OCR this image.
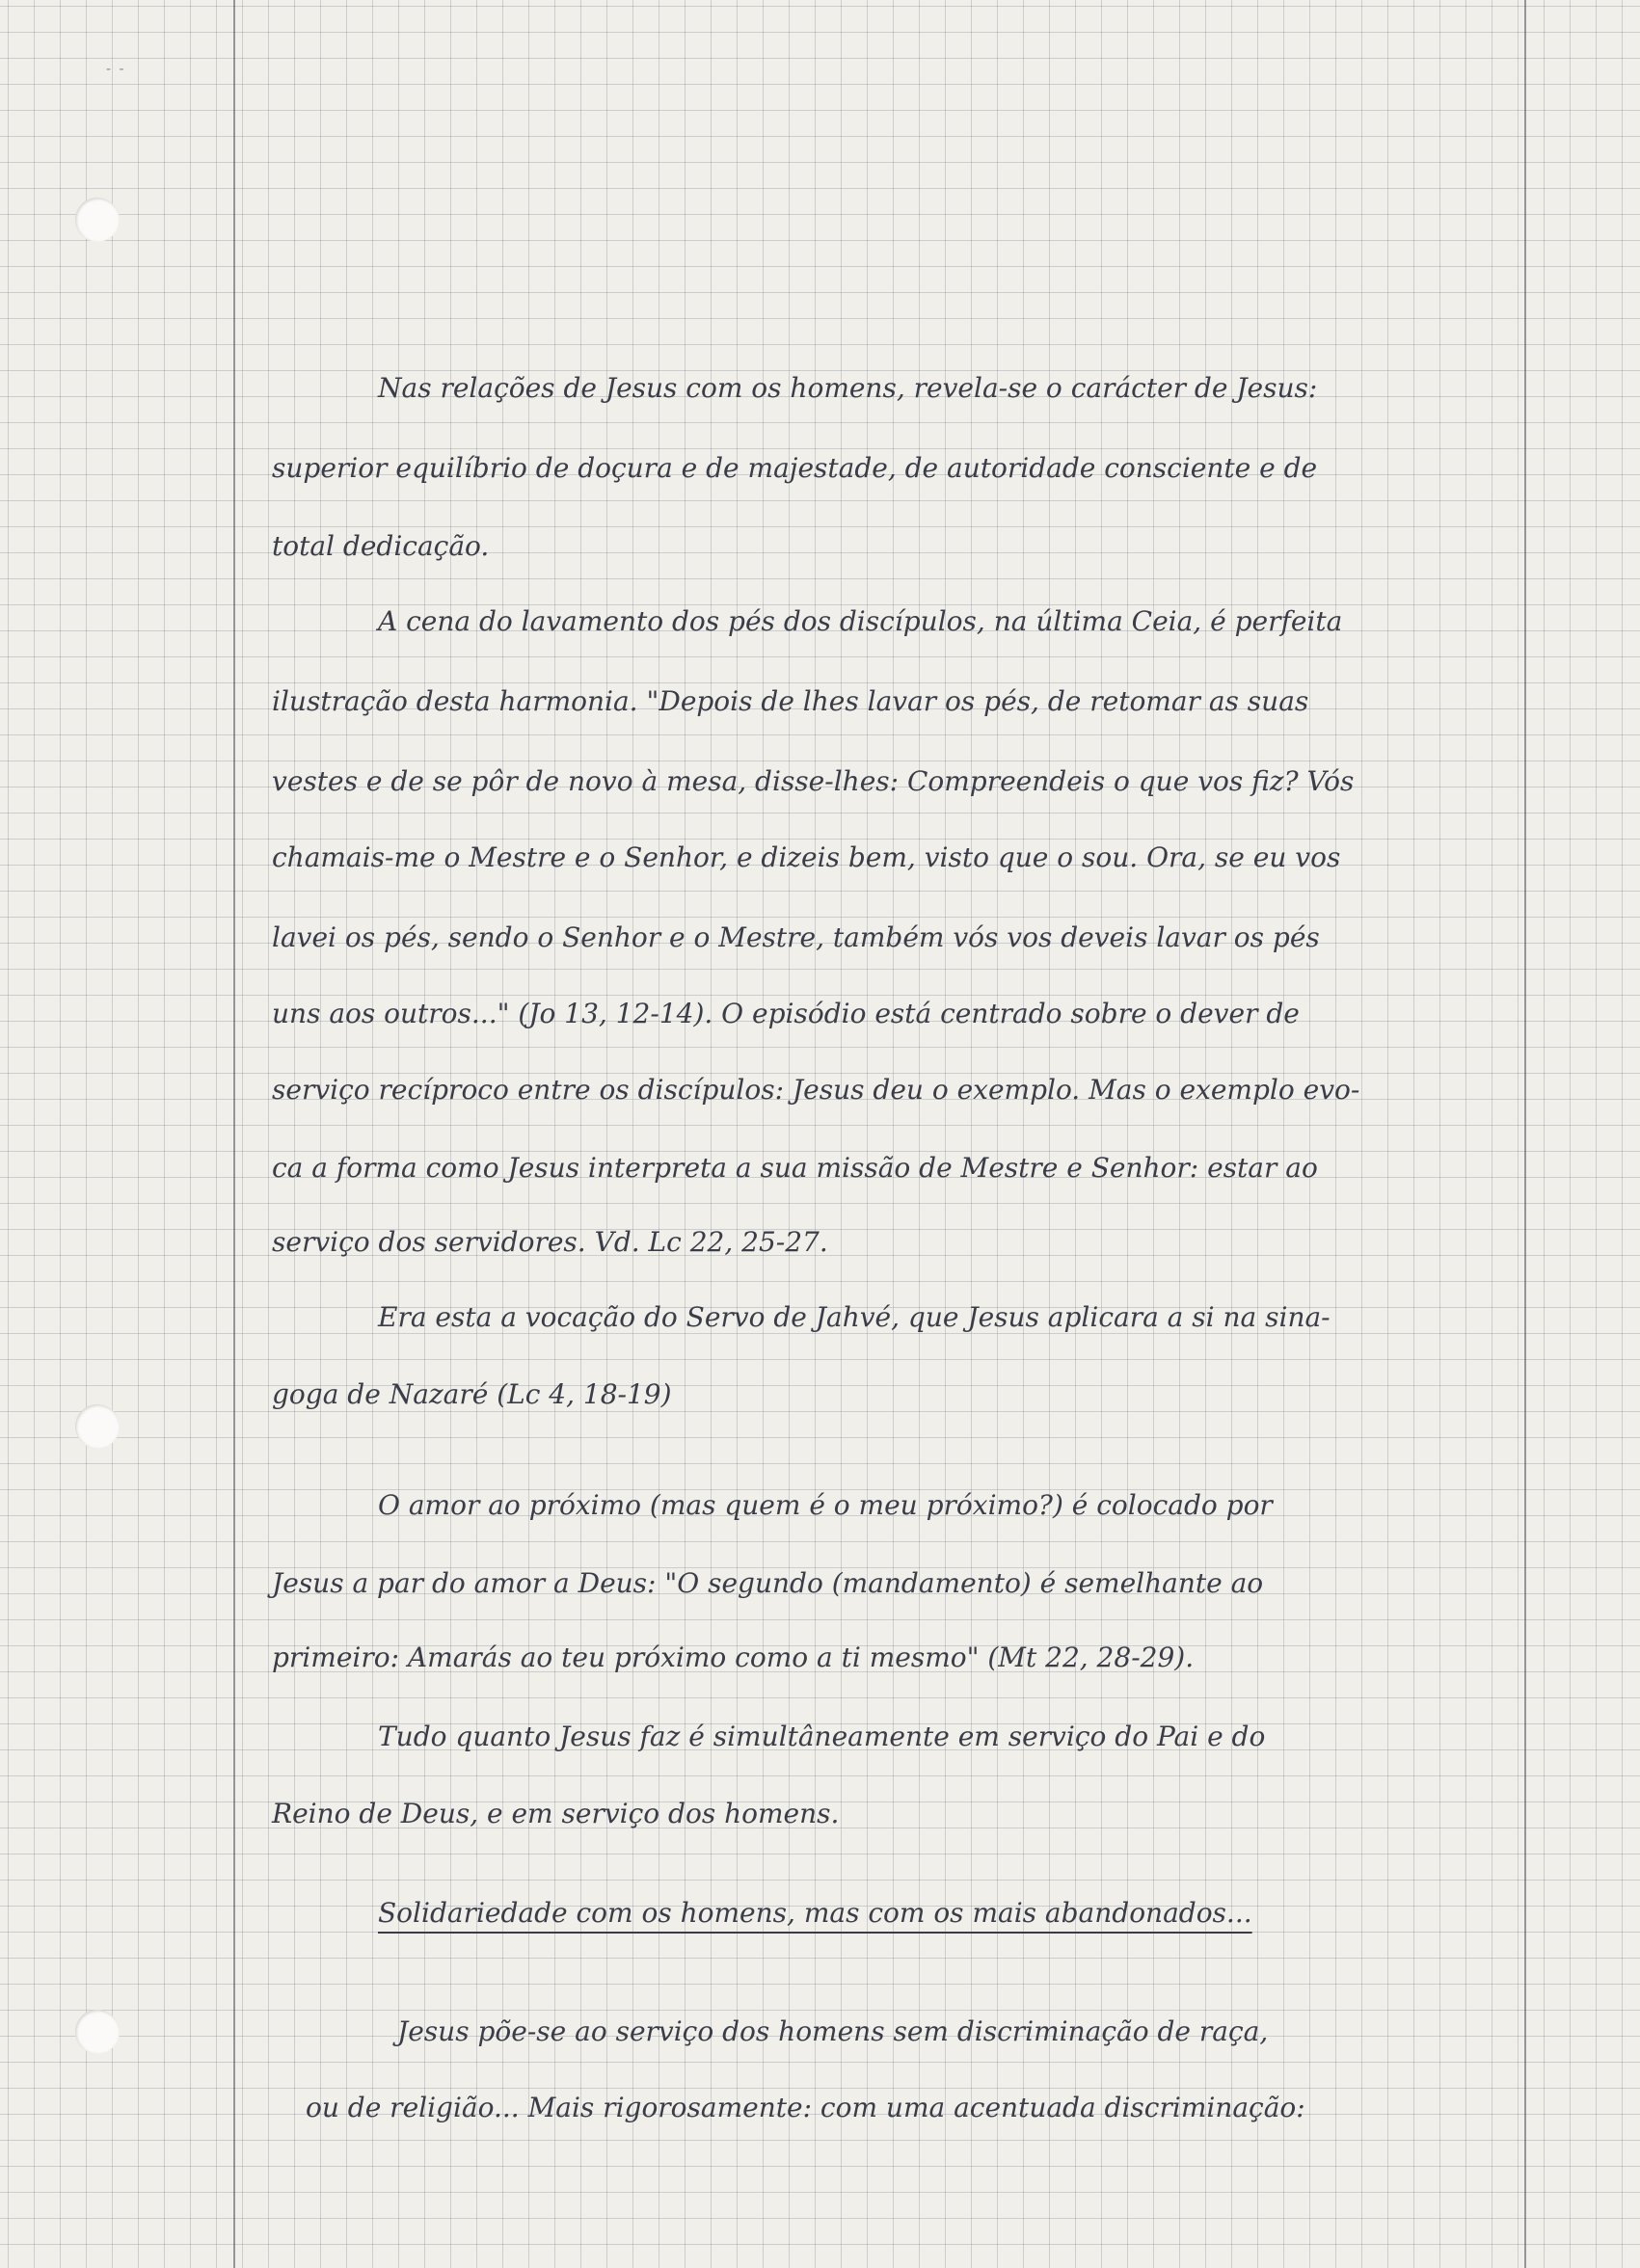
- -
Nas relações de Jesus com os homens, revela-se o carácter de Jesus:
superior equilíbrio de doçura e de majestade, de autoridade consciente e de
total dedicação.
A cena do lavamento dos pés dos discípulos, na última Ceia, é perfeita
ilustração desta harmonia. "Depois de lhes lavar os pés, de retomar as suas
vestes e de se pôr de novo à mesa, disse-lhes: Compreendeis o que vos fiz? Vós
chamais-me o Mestre e o Senhor, e dizeis bem, visto que o sou. Ora, se eu vos
lavei os pés, sendo o Senhor e o Mestre, também vós vos deveis lavar os pés
uns aos outros..." (Jo 13, 12-14). O episódio está centrado sobre o dever de
serviço recíproco entre os discípulos: Jesus deu o exemplo. Mas o exemplo evo-
ca a forma como Jesus interpreta a sua missão de Mestre e Senhor: estar ao
serviço dos servidores. Vd. Lc 22, 25-27.
Era esta a vocação do Servo de Jahvé, que Jesus aplicara a si na sina-
goga de Nazaré (Lc 4, 18-19)
O amor ao próximo (mas quem é o meu próximo?) é colocado por
Jesus a par do amor a Deus: "O segundo (mandamento) é semelhante ao
primeiro: Amarás ao teu próximo como a ti mesmo" (Mt 22, 28-29).
Tudo quanto Jesus faz é simultâneamente em serviço do Pai e do
Reino de Deus, e em serviço dos homens.
Solidariedade com os homens, mas com os mais abandonados...
Jesus põe-se ao serviço dos homens sem discriminação de raça,
ou de religião... Mais rigorosamente: com uma acentuada discriminação:
